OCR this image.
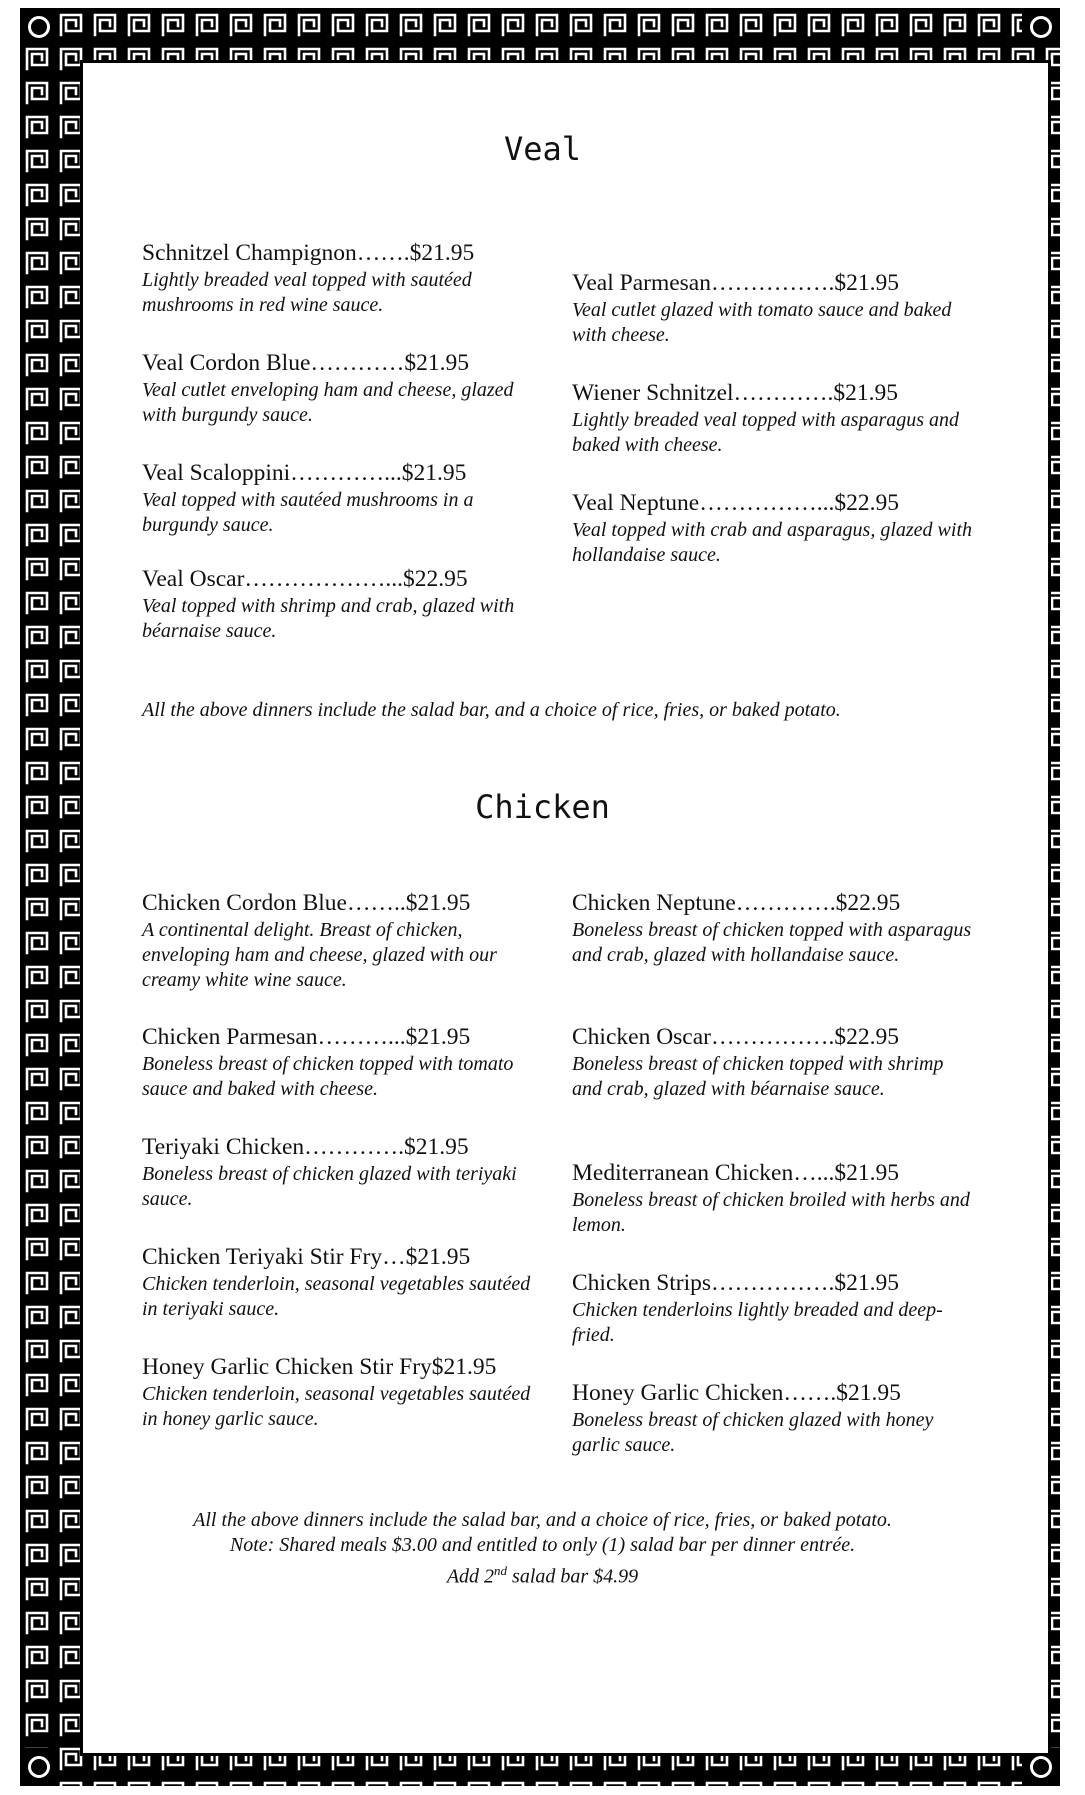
Veal
Schnitzel Champignon…….$21.95
Lightly breaded veal topped with sautéed mushrooms in red wine sauce.
Veal Cordon Blue…………$21.95
Veal cutlet enveloping ham and cheese, glazed with burgundy sauce.
Veal Scaloppini…………...$21.95
Veal topped with sautéed mushrooms in a burgundy sauce.
Veal Oscar………………...$22.95
Veal topped with shrimp and crab, glazed with béarnaise sauce.
Veal Parmesan…………….$21.95
Veal cutlet glazed with tomato sauce and baked with cheese.
Wiener Schnitzel………….$21.95
Lightly breaded veal topped with asparagus and baked with cheese.
Veal Neptune……………...$22.95
Veal topped with crab and asparagus, glazed with hollandaise sauce.
All the above dinners include the salad bar, and a choice of rice, fries, or baked potato.
Chicken
Chicken Cordon Blue……..$21.95
A continental delight. Breast of chicken, enveloping ham and cheese, glazed with our creamy white wine sauce.
Chicken Parmesan………...$21.95
Boneless breast of chicken topped with tomato sauce and baked with cheese.
Teriyaki Chicken………….$21.95
Boneless breast of chicken glazed with teriyaki sauce.
Chicken Teriyaki Stir Fry…$21.95
Chicken tenderloin, seasonal vegetables sautéed in teriyaki sauce.
Honey Garlic Chicken Stir Fry$21.95
Chicken tenderloin, seasonal vegetables sautéed in honey garlic sauce.
Chicken Neptune………….$22.95
Boneless breast of chicken topped with asparagus and crab, glazed with hollandaise sauce.
Chicken Oscar…………….$22.95
Boneless breast of chicken topped with shrimp and crab, glazed with béarnaise sauce.
Mediterranean Chicken…...$21.95
Boneless breast of chicken broiled with herbs and lemon.
Chicken Strips…………….$21.95
Chicken tenderloins lightly breaded and deep-fried.
Honey Garlic Chicken…….$21.95
Boneless breast of chicken glazed with honey garlic sauce.
All the above dinners include the salad bar, and a choice of rice, fries, or baked potato.
Note: Shared meals $3.00 and entitled to only (1) salad bar per dinner entrée.
Add 2nd salad bar $4.99
